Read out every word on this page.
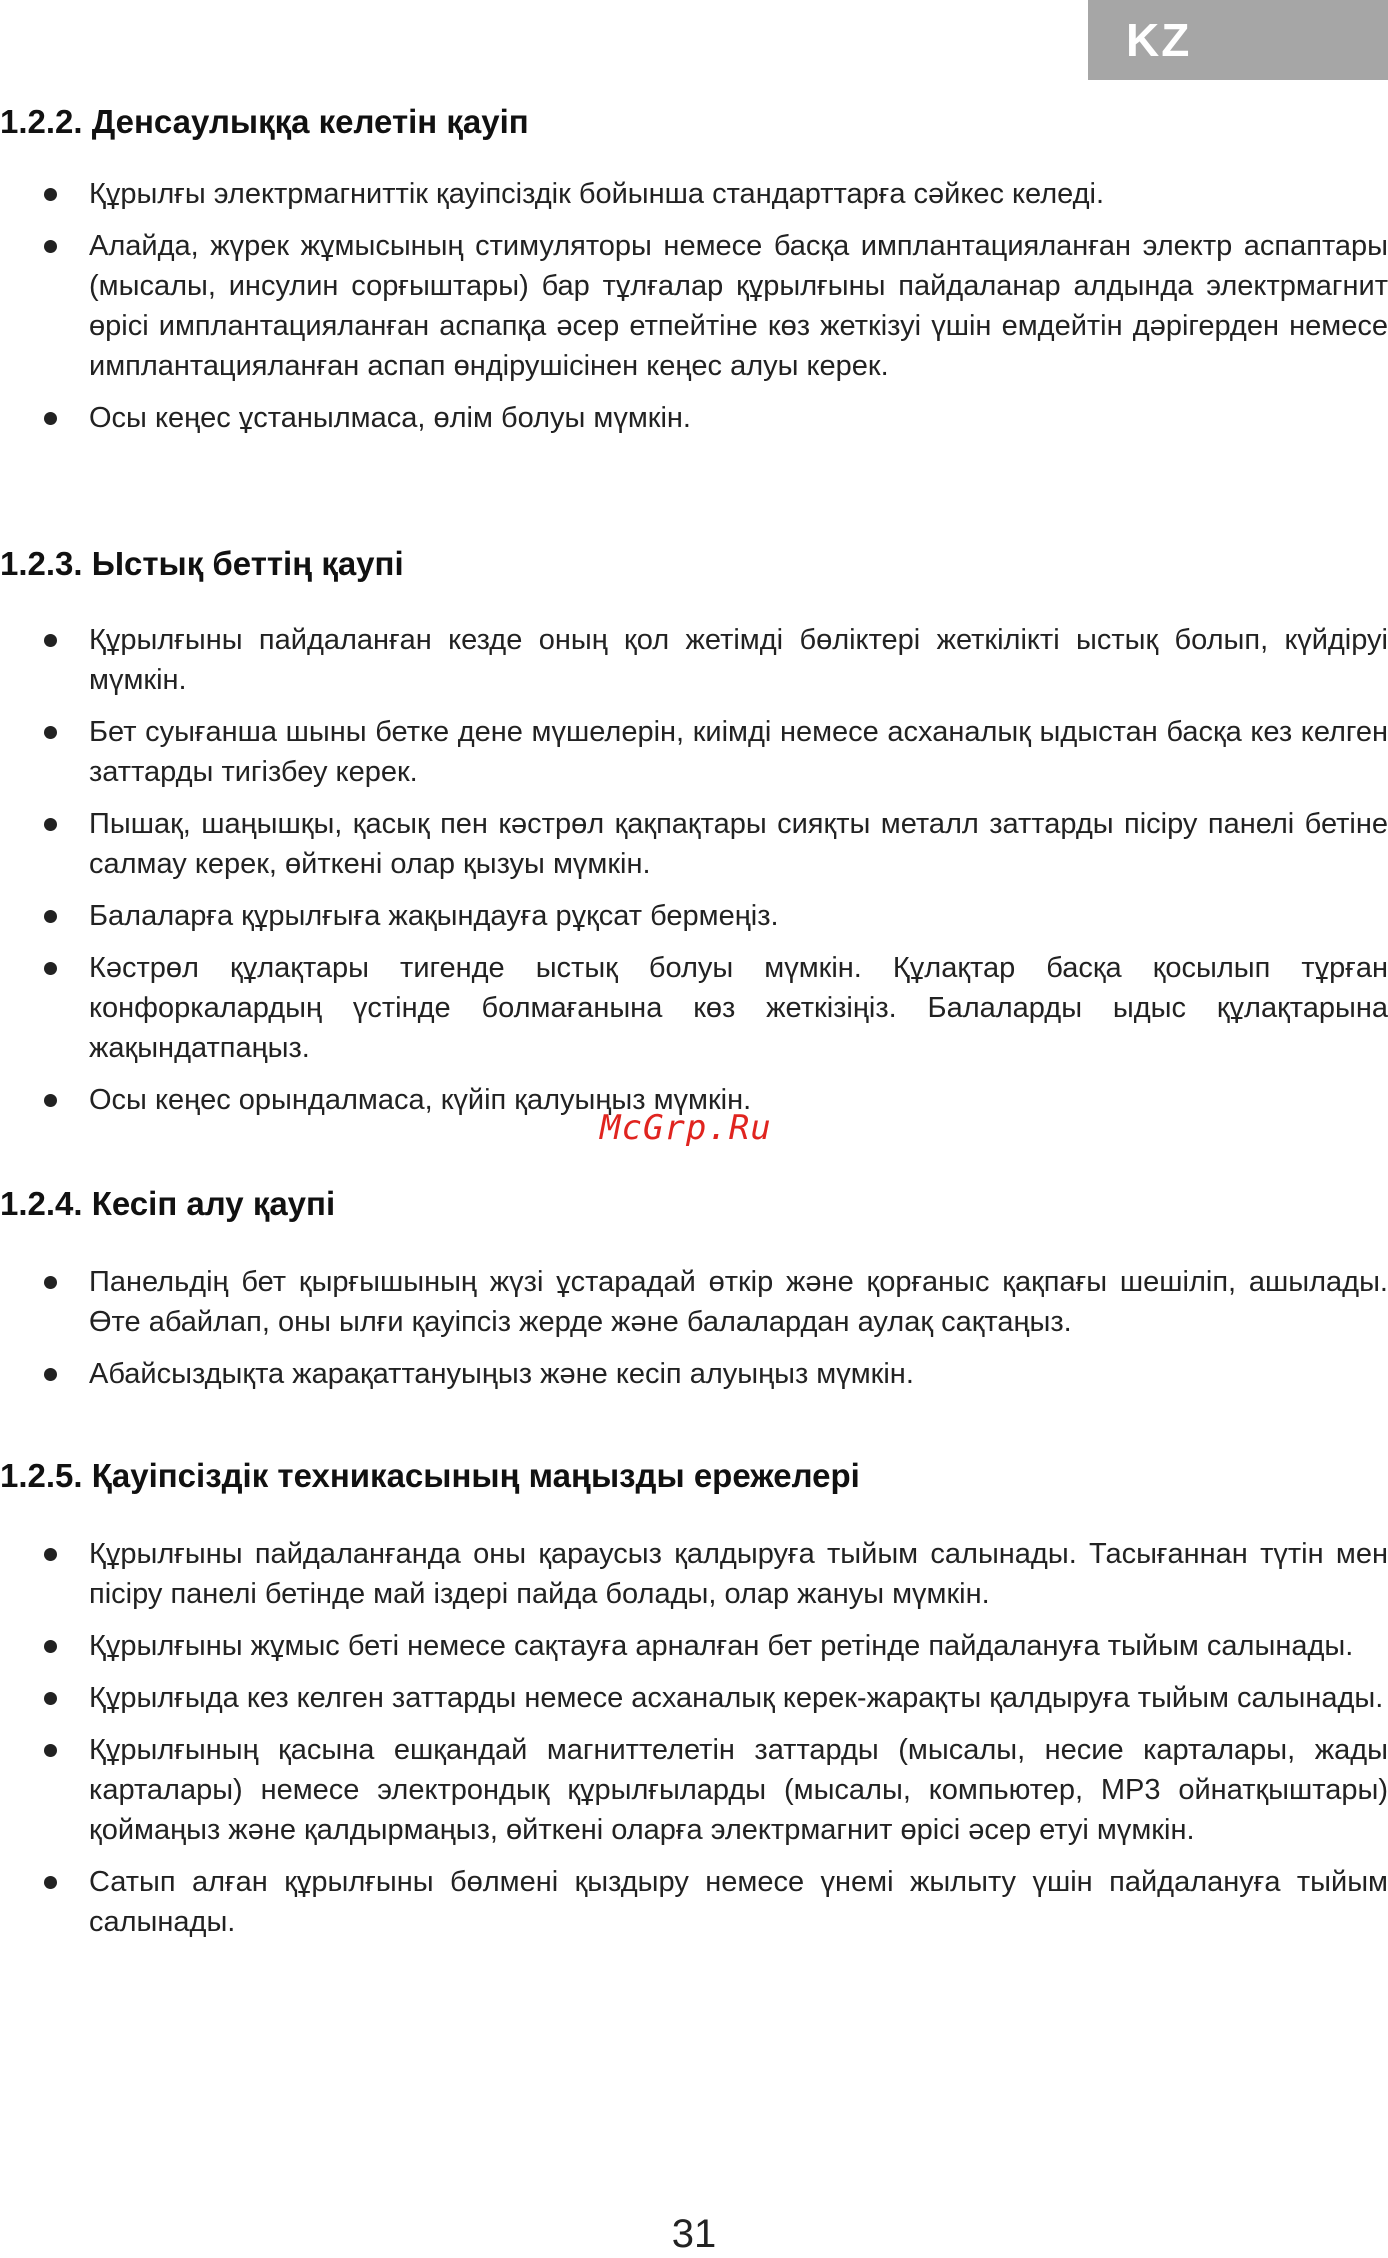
KZ
1.2.2. Денсаулыққа келетін қауіп
Құрылғы электрмагниттік қауіпсіздік бойынша стандарттарға сәйкес келеді.
Алайда, жүрек жұмысының стимуляторы немесе басқа имплантацияланған электр аспаптары (мысалы, инсулин сорғыштары) бар тұлғалар құрылғыны пайдаланар алдында электрмагнит өрісі имплантацияланған аспапқа әсер етпейтіне көз жеткізуі үшін емдейтін дәрігерден немесе имплантацияланған аспап өндірушісінен кеңес алуы керек.
Осы кеңес ұстанылмаса, өлім болуы мүмкін.
1.2.3. Ыстық беттің қаупі
Құрылғыны пайдаланған кезде оның қол жетімді бөліктері жеткілікті ыстық болып, күйдіруі мүмкін.
Бет суығанша шыны бетке дене мүшелерін, киімді немесе асханалық ыдыстан басқа кез келген заттарды тигізбеу керек.
Пышақ, шаңышқы, қасық пен кәстрөл қақпақтары сияқты металл заттарды пісіру панелі бетіне салмау керек, өйткені олар қызуы мүмкін.
Балаларға құрылғыға жақындауға рұқсат бермеңіз.
Кәстрөл құлақтары тигенде ыстық болуы мүмкін. Құлақтар басқа қосылып тұрған конфоркалардың үстінде болмағанына көз жеткізіңіз. Балаларды ыдыс құлақтарына жақындатпаңыз.
Осы кеңес орындалмаса, күйіп қалуыңыз мүмкін.
1.2.4. Кесіп алу қаупі
Панельдің бет қырғышының жүзі ұстарадай өткір және қорғаныс қақпағы шешіліп, ашылады. Өте абайлап, оны ылғи қауіпсіз жерде және балалардан аулақ сақтаңыз.
Абайсыздықта жарақаттануыңыз және кесіп алуыңыз мүмкін.
1.2.5. Қауіпсіздік техникасының маңызды ережелері
Құрылғыны пайдаланғанда оны қараусыз қалдыруға тыйым салынады. Тасығаннан түтін мен пісіру панелі бетінде май іздері пайда болады, олар жануы мүмкін.
Құрылғыны жұмыс беті немесе сақтауға арналған бет ретінде пайдалануға тыйым салынады.
Құрылғыда кез келген заттарды немесе асханалық керек-жарақты қалдыруға тыйым салынады.
Құрылғының қасына ешқандай магниттелетін заттарды (мысалы, несие карталары, жады карталары) немесе электрондық құрылғыларды (мысалы, компьютер, MP3 ойнатқыштары) қоймаңыз және қалдырмаңыз, өйткені оларға электрмагнит өрісі әсер етуі мүмкін.
Сатып алған құрылғыны бөлмені қыздыру немесе үнемі жылыту үшін пайдалануға тыйым салынады.
McGrp.Ru
31
